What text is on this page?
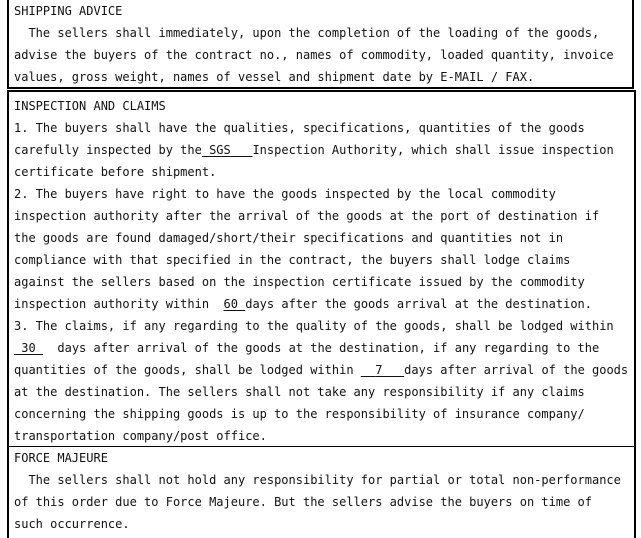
SHIPPING ADVICE
The sellers shall immediately, upon the completion of the loading of the goods,
advise the buyers of the contract no., names of commodity, loaded quantity, invoice
values, gross weight, names of vessel and shipment date by E-MAIL / FAX.
INSPECTION AND CLAIMS
1. The buyers shall have the qualities, specifications, quantities of the goods
carefully inspected by the SGS Inspection Authority, which shall issue inspection
certificate before shipment.
2. The buyers have right to have the goods inspected by the local commodity
inspection authority after the arrival of the goods at the port of destination if
the goods are found damaged/short/their specifications and quantities not in
compliance with that specified in the contract, the buyers shall lodge claims
against the sellers based on the inspection certificate issued by the commodity
inspection authority within 60 days after the goods arrival at the destination.
3. The claims, if any regarding to the quality of the goods, shall be lodged within
30 days after arrival of the goods at the destination, if any regarding to the
quantities of the goods, shall be lodged within 7 days after arrival of the goods
at the destination. The sellers shall not take any responsibility if any claims
concerning the shipping goods is up to the responsibility of insurance company/
transportation company/post office.
FORCE MAJEURE
The sellers shall not hold any responsibility for partial or total non-performance
of this order due to Force Majeure. But the sellers advise the buyers on time of
such occurrence.
